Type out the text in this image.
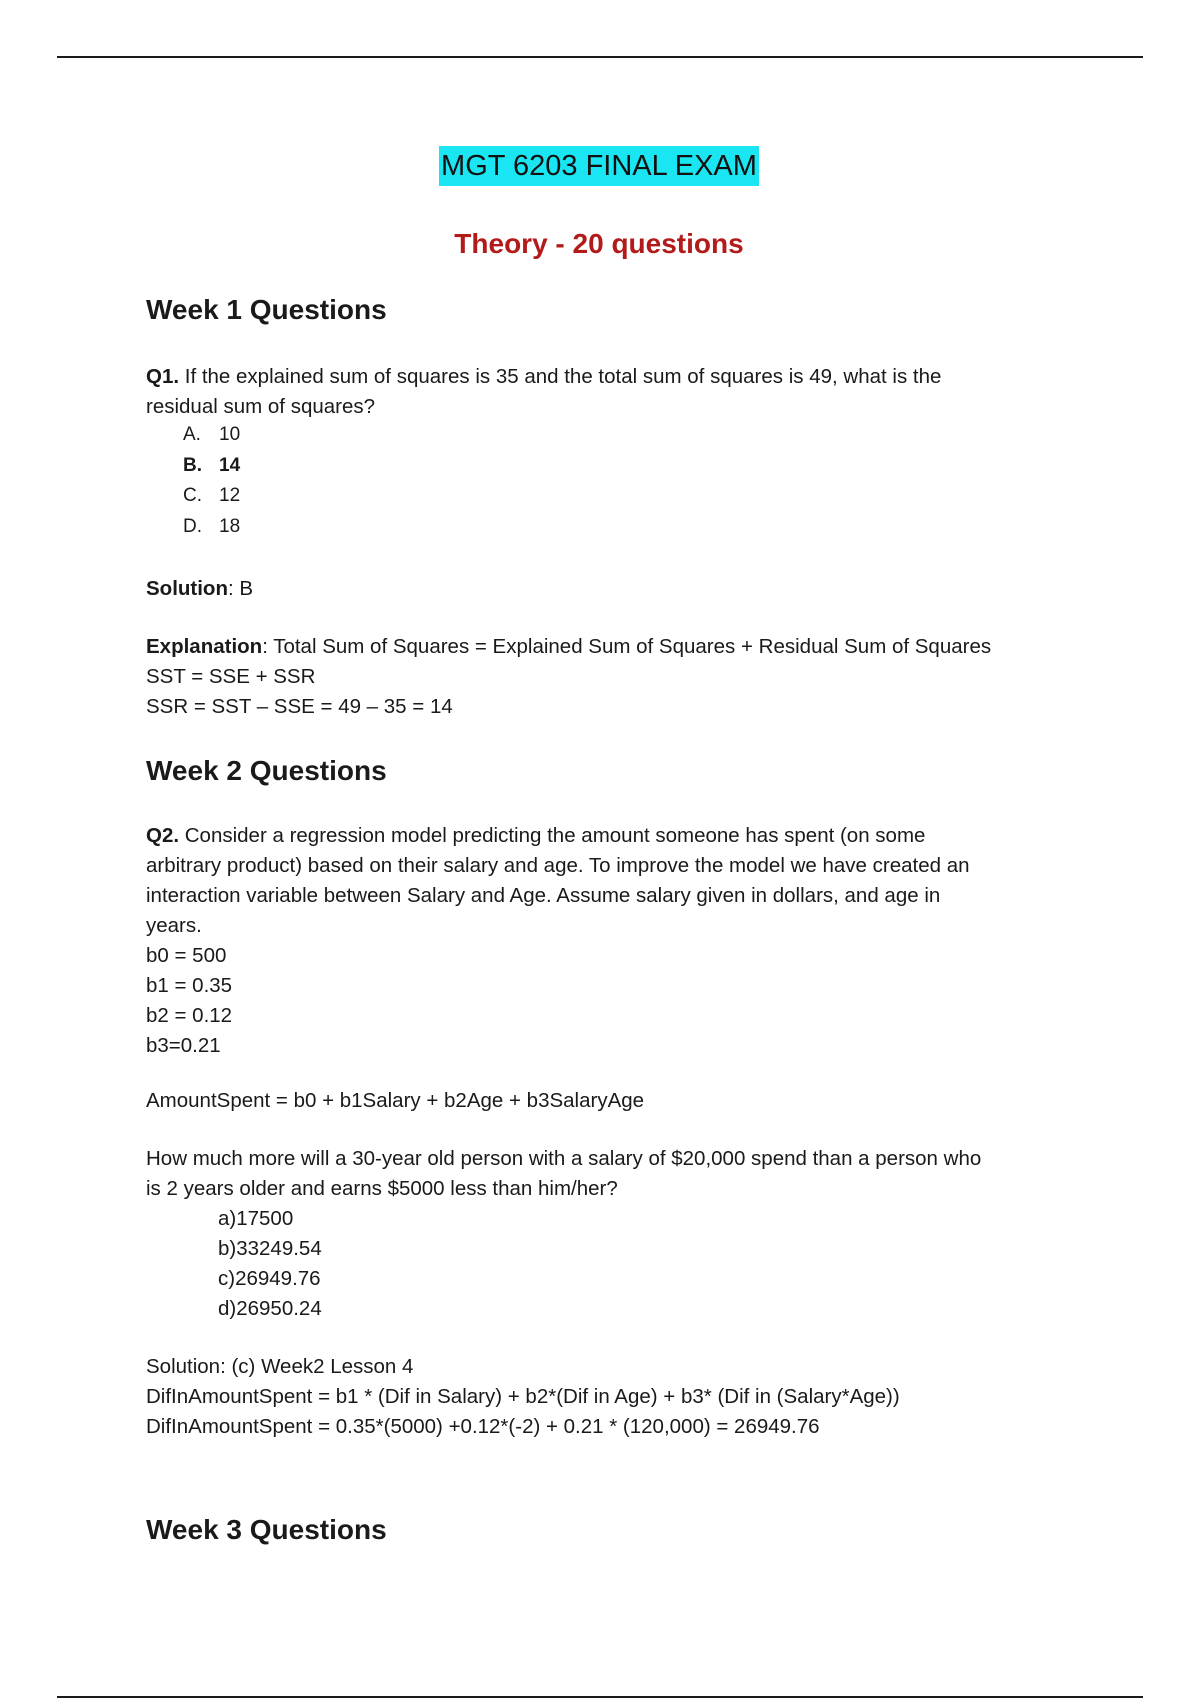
MGT 6203 FINAL EXAM
Theory - 20 questions
Week 1 Questions

Q1. If the explained sum of squares is 35 and the total sum of squares is 49, what is the
residual sum of squares?

A. 10
B. 14
C. 12
D. 18

Solution: B

Explanation: Total Sum of Squares = Explained Sum of Squares + Residual Sum of Squares
SST = SSE + SSR
SSR = SST – SSE = 49 – 35 = 14

Week 2 Questions

Q2. Consider a regression model predicting the amount someone has spent (on some
arbitrary product) based on their salary and age. To improve the model we have created an
interaction variable between Salary and Age. Assume salary given in dollars, and age in
years.
b0 = 500
b1 = 0.35
b2 = 0.12
b3=0.21

AmountSpent = b0 + b1Salary + b2Age + b3SalaryAge

How much more will a 30-year old person with a salary of $20,000 spend than a person who
is 2 years older and earns $5000 less than him/her?

a)17500
b)33249.54
c)26949.76
d)26950.24

Solution: (c) Week2 Lesson 4
DifInAmountSpent = b1 * (Dif in Salary) + b2*(Dif in Age) + b3* (Dif in (Salary*Age))
DifInAmountSpent = 0.35*(5000) +0.12*(-2) + 0.21 * (120,000) = 26949.76

Week 3 Questions
